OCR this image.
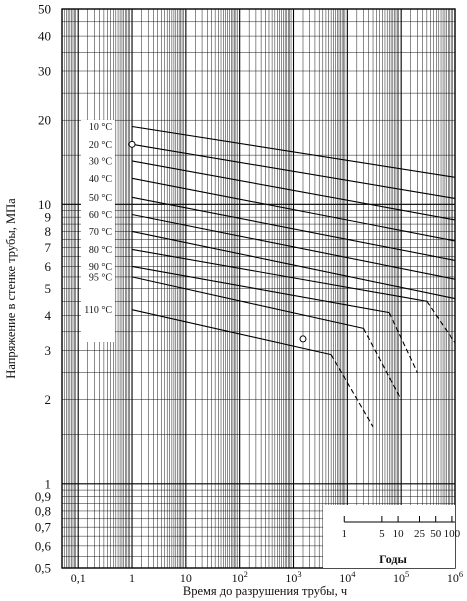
10 °C
20 °C
30 °C
40 °C
50 °C
60 °C
70 °C
80 °C
90 °C
95 °C
110 °C
50
40
30
20
10
9
8
7
6
5
4
3
2
1
0,9
0,8
0,7
0,6
0,5
0,1	1	10	$10^2$	$10^3$	$10^4$	$10^5$	$10^6$
1	5 10 25 50 100
Годы
Время до разрушения трубы, ч
Напряжение в стенке трубы, МПа
